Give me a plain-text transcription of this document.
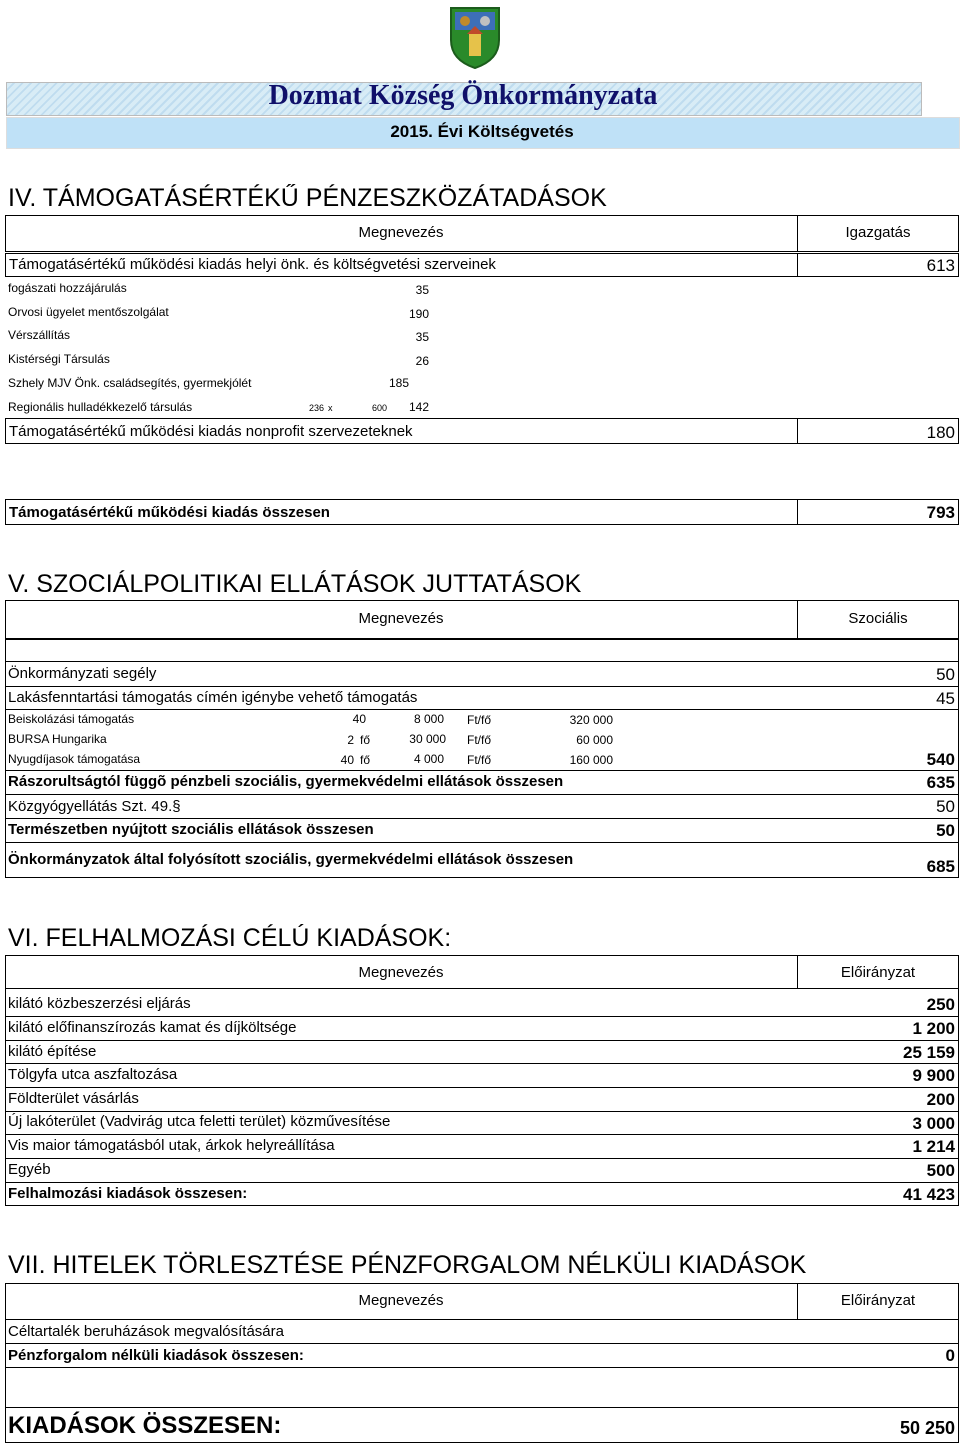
Dozmat Község Önkormányzata
2015. Évi Költségvetés
IV. TÁMOGATÁSÉRTÉKŰ PÉNZESZKÖZÁTADÁSOK
Megnevezés	Igazgatás
Támogatásértékű működési kiadás helyi önk. és költségvetési szerveinek	613
fogászati hozzájárulás	35
Orvosi ügyelet mentőszolgálat	190
Vérszállítás	35
Kistérségi Társulás	26
Szhely MJV Önk. családsegítés, gyermekjólét	185
Regionális hulladékkezelő társulás	236 x	600	142
Támogatásértékű működési kiadás nonprofit szervezeteknek	180
Támogatásértékű működési kiadás összesen	793
V. SZOCIÁLPOLITIKAI ELLÁTÁSOK JUTTATÁSOK
Megnevezés	Szociális
Önkormányzati segély	50
Lakásfenntartási támogatás címén igénybe vehető támogatás	45
Beiskolázási támogatás	40	8 000 Ft/fő	320 000
BURSA Hungarika	2 fő	30 000 Ft/fő	60 000
Nyugdíjasok támogatása	40 fő	4 000 Ft/fő	160 000	540
Rászorultságtól függõ pénzbeli szociális, gyermekvédelmi ellátások összesen	635
Közgyógyellátás Szt. 49.§	50
Természetben nyújtott szociális ellátások összesen	50
Önkormányzatok által folyósított szociális, gyermekvédelmi ellátások összesen	685
VI. FELHALMOZÁSI CÉLÚ KIADÁSOK:
Megnevezés	Előirányzat
kilátó közbeszerzési eljárás	250
kilátó előfinanszírozás kamat és díjköltsége	1 200
kilátó építése	25 159
Tölgyfa utca aszfaltozása	9 900
Földterület vásárlás	200
Új lakóterület (Vadvirág utca feletti terület) közművesítése	3 000
Vis maior támogatásból utak, árkok helyreállítása	1 214
Egyéb	500
Felhalmozási kiadások összesen:	41 423
VII. HITELEK TÖRLESZTÉSE PÉNZFORGALOM NÉLKÜLI KIADÁSOK
Megnevezés	Előirányzat
Céltartalék beruházások megvalósítására
Pénzforgalom nélküli kiadások összesen:	0
KIADÁSOK ÖSSZESEN:	50 250
